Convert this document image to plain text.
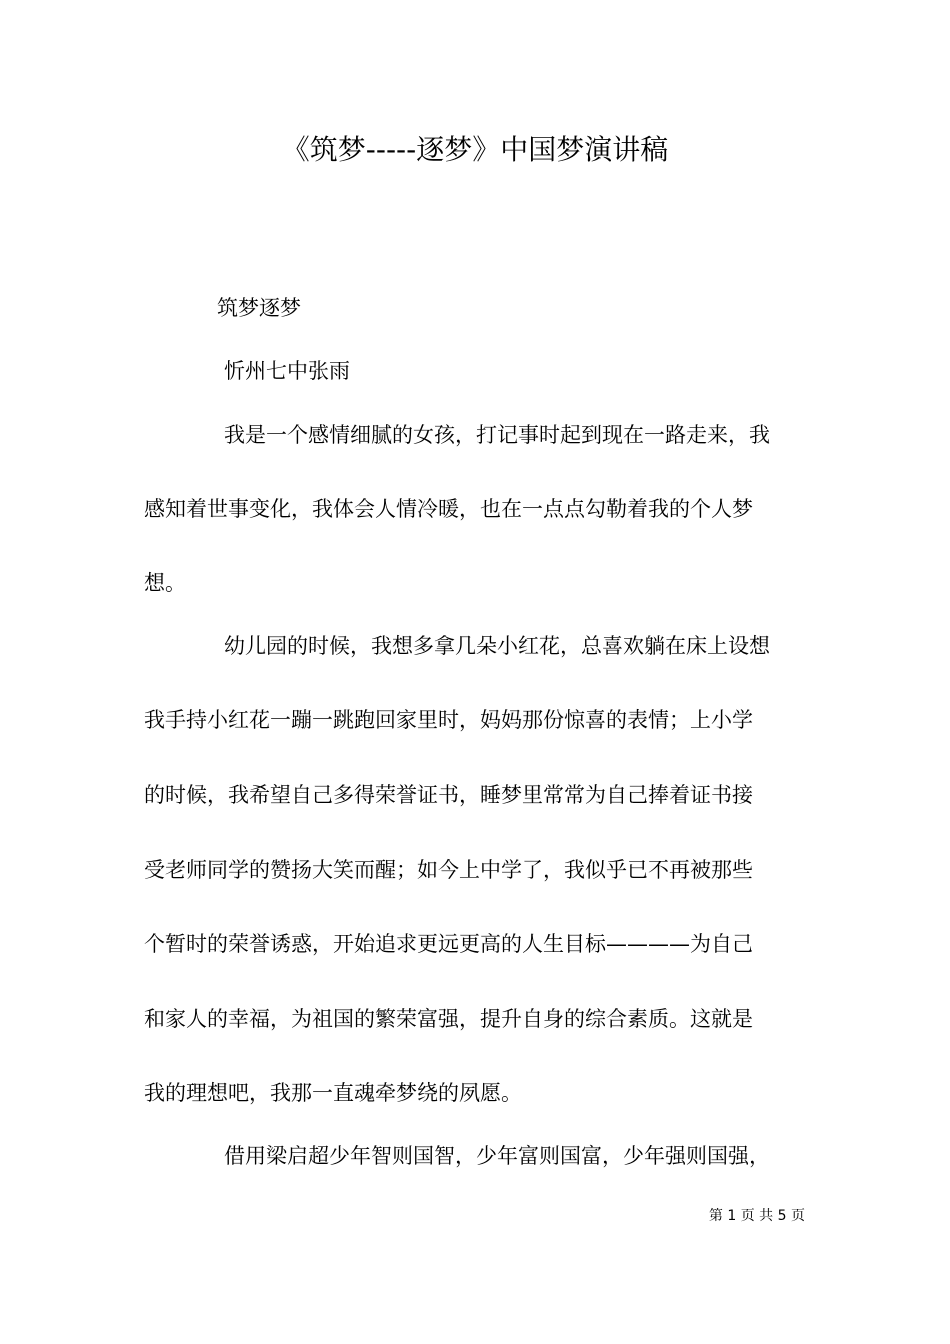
《筑梦-----逐梦》中国梦演讲稿
筑梦逐梦
忻州七中张雨
我是一个感情细腻的女孩，打记事时起到现在一路走来，我
感知着世事变化，我体会人情冷暖，也在一点点勾勒着我的个人梦
想。
幼儿园的时候，我想多拿几朵小红花，总喜欢躺在床上设想
我手持小红花一蹦一跳跑回家里时，妈妈那份惊喜的表情；上小学
的时候，我希望自己多得荣誉证书，睡梦里常常为自己捧着证书接
受老师同学的赞扬大笑而醒；如今上中学了，我似乎已不再被那些
个暂时的荣誉诱惑，开始追求更远更高的人生目标————为自己
和家人的幸福，为祖国的繁荣富强，提升自身的综合素质。这就是
我的理想吧，我那一直魂牵梦绕的夙愿。
借用梁启超少年智则国智，少年富则国富，少年强则国强，
第 1 页 共 5 页
